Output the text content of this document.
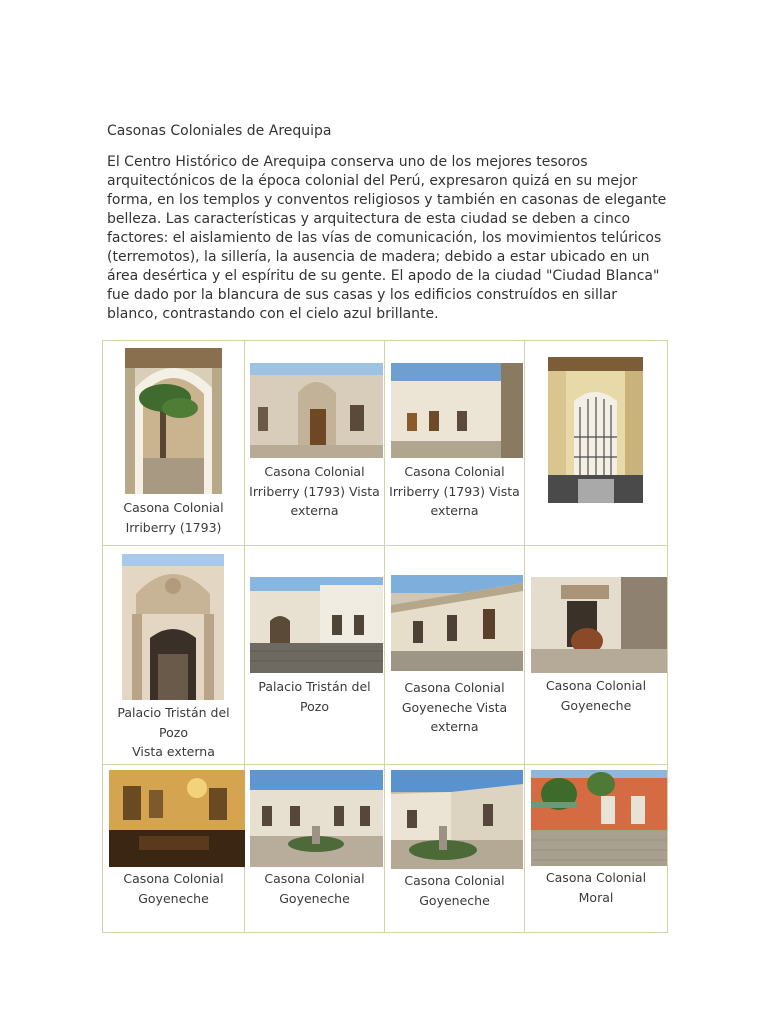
Casonas Coloniales de Arequipa
El Centro Histórico de Arequipa conserva uno de los mejores tesoros
arquitectónicos de la época colonial del Perú, expresaron quizá en su mejor
forma, en los templos y conventos religiosos y también en casonas de elegante
belleza. Las características y arquitectura de esta ciudad se deben a cinco
factores: el aislamiento de las vías de comunicación, los movimientos telúricos
(terremotos), la sillería, la ausencia de madera; debido a estar ubicado en un
área desértica y el espíritu de su gente. El apodo de la ciudad "Ciudad Blanca"
fue dado por la blancura de sus casas y los edificios construídos en sillar
blanco, contrastando con el cielo azul brillante.
Casona Colonial
Irriberry (1793)	Casona Colonial
Irriberry (1793) Vista
externa	Casona Colonial
Irriberry (1793) Vista
externa

Palacio Tristán del
Pozo
Vista externa	Palacio Tristán del
Pozo	Casona Colonial
Goyeneche Vista
externa	Casona Colonial
Goyeneche

Casona Colonial
Goyeneche	Casona Colonial
Goyeneche	Casona Colonial
Goyeneche	Casona Colonial
Moral
